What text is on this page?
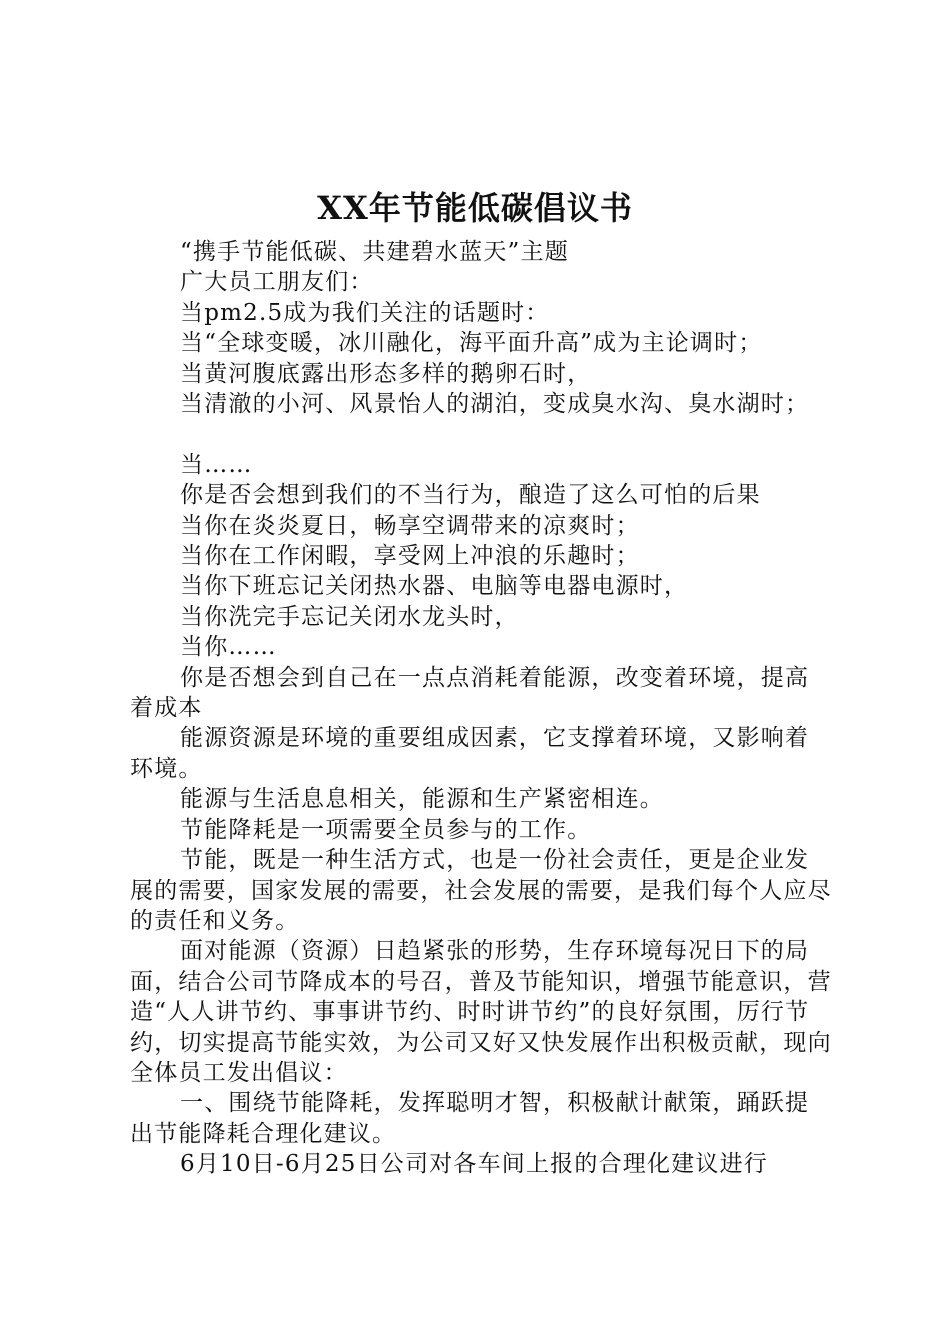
XX年节能低碳倡议书

“携手节能低碳、共建碧水蓝天”主题

广大员工朋友们：

当pm2.5成为我们关注的话题时：

当“全球变暖，冰川融化，海平面升高”成为主论调时；

当黄河腹底露出形态多样的鹅卵石时，

当清澈的小河、风景怡人的湖泊，变成臭水沟、臭水湖时；

当……

你是否会想到我们的不当行为，酿造了这么可怕的后果

当你在炎炎夏日，畅享空调带来的凉爽时；

当你在工作闲暇，享受网上冲浪的乐趣时；

当你下班忘记关闭热水器、电脑等电器电源时，

当你洗完手忘记关闭水龙头时，

当你……

你是否想会到自己在一点点消耗着能源，改变着环境，提高着成本

能源资源是环境的重要组成因素，它支撑着环境，又影响着环境。

能源与生活息息相关，能源和生产紧密相连。

节能降耗是一项需要全员参与的工作。

节能，既是一种生活方式，也是一份社会责任，更是企业发展的需要，国家发展的需要，社会发展的需要，是我们每个人应尽的责任和义务。

面对能源（资源）日趋紧张的形势，生存环境每况日下的局面，结合公司节降成本的号召，普及节能知识，增强节能意识，营造“人人讲节约、事事讲节约、时时讲节约”的良好氛围，厉行节约，切实提高节能实效，为公司又好又快发展作出积极贡献，现向全体员工发出倡议：

一、围绕节能降耗，发挥聪明才智，积极献计献策，踊跃提出节能降耗合理化建议。

6月10日-6月25日公司对各车间上报的合理化建议进行
